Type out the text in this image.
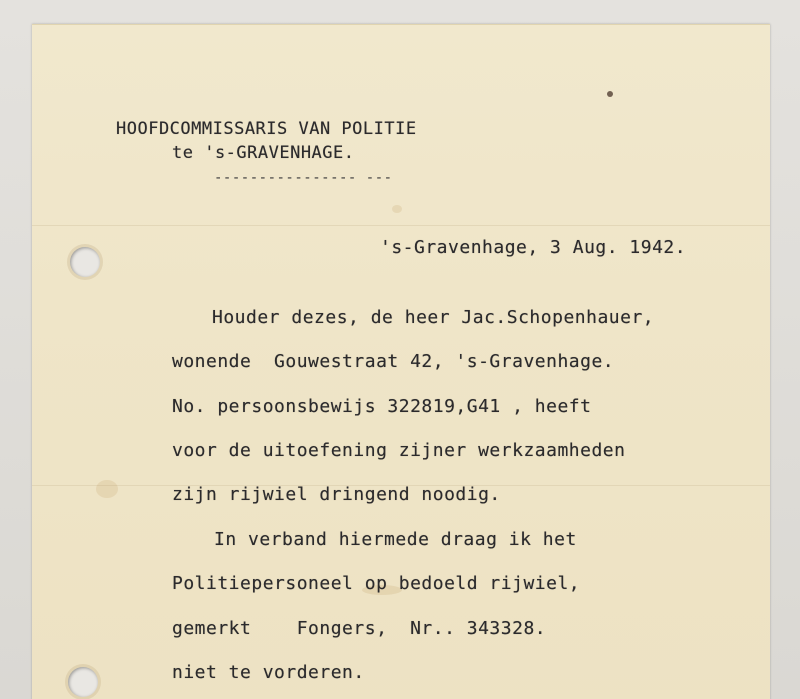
HOOFDCOMMISSARIS VAN POLITIE
te 's-GRAVENHAGE.
---------------- ---
's-Gravenhage, 3 Aug. 1942.
Houder dezes, de heer Jac.Schopenhauer,
wonende  Gouwestraat 42, 's-Gravenhage.
No. persoonsbewijs 322819,G41 , heeft
voor de uitoefening zijner werkzaamheden
zijn rijwiel dringend noodig.
In verband hiermede draag ik het
Politiepersoneel op bedoeld rijwiel,
gemerkt    Fongers,  Nr.. 343328.
niet te vorderen.
